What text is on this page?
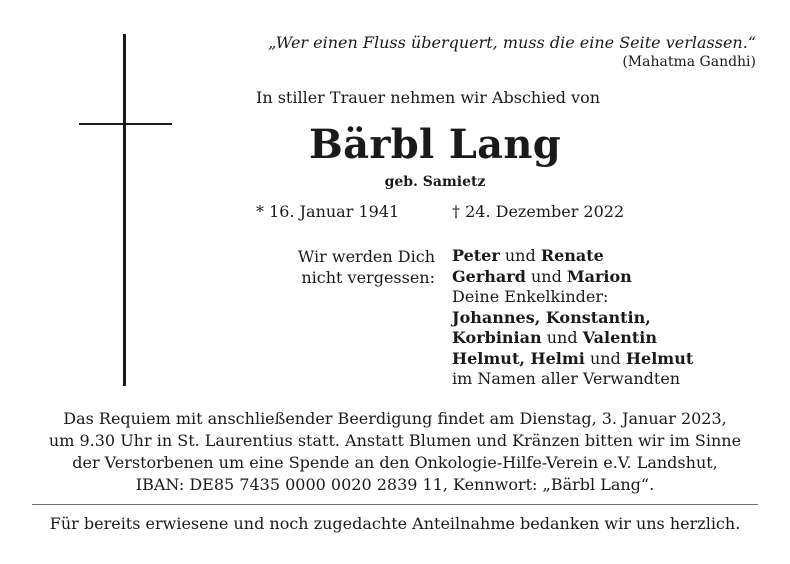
„Wer einen Fluss überquert, muss die eine Seite verlassen.“
(Mahatma Gandhi)
In stiller Trauer nehmen wir Abschied von
Bärbl Lang
geb. Samietz
* 16. Januar 1941	† 24. Dezember 2022
Wir werden Dich
nicht vergessen:
Peter und Renate
Gerhard und Marion
Deine Enkelkinder:
Johannes, Konstantin,
Korbinian und Valentin
Helmut, Helmi und Helmut
im Namen aller Verwandten
Das Requiem mit anschließender Beerdigung findet am Dienstag, 3. Januar 2023,
um 9.30 Uhr in St. Laurentius statt. Anstatt Blumen und Kränzen bitten wir im Sinne
der Verstorbenen um eine Spende an den Onkologie-Hilfe-Verein e.V. Landshut,
IBAN: DE85 7435 0000 0020 2839 11, Kennwort: „Bärbl Lang“.
Für bereits erwiesene und noch zugedachte Anteilnahme bedanken wir uns herzlich.
